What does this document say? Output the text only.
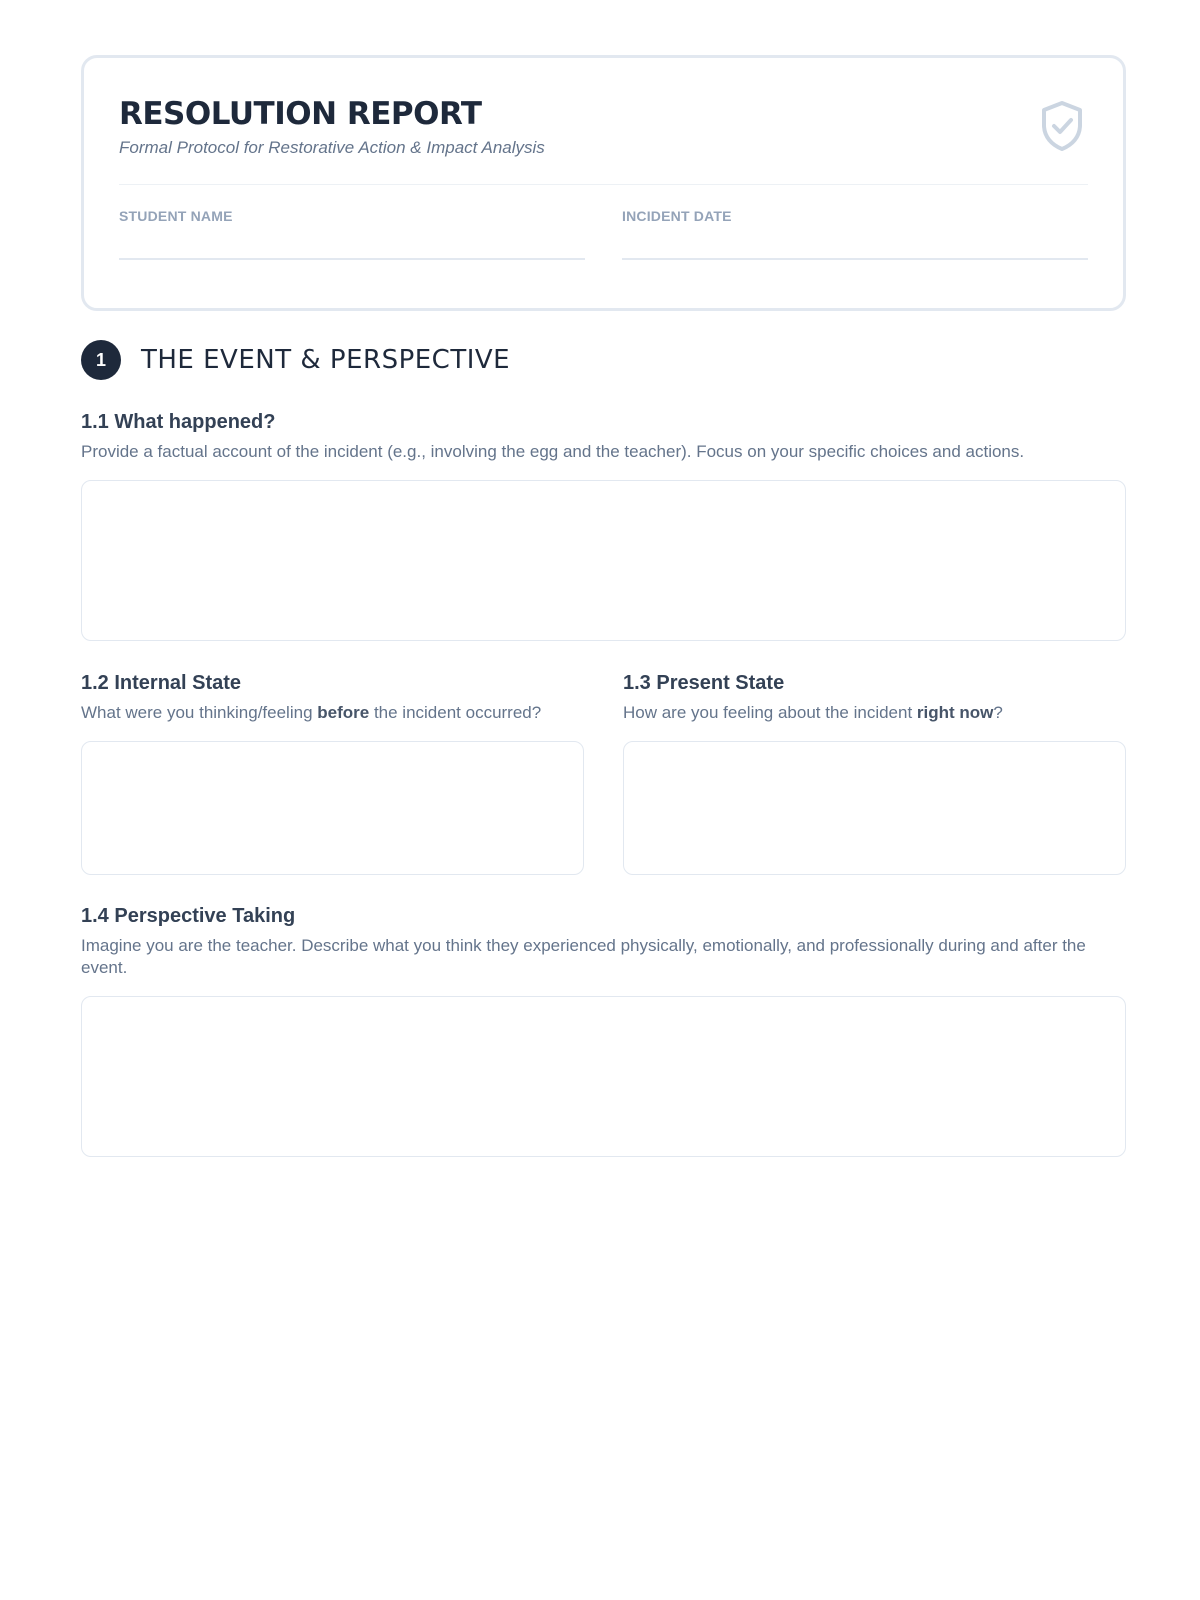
RESOLUTION REPORT
Formal Protocol for Restorative Action & Impact Analysis
STUDENT NAME	INCIDENT DATE
1	THE EVENT & PERSPECTIVE
1.1 What happened?
Provide a factual account of the incident (e.g., involving the egg and the teacher). Focus on your specific choices and actions.
1.2 Internal State
What were you thinking/feeling before the incident occurred?
1.3 Present State
How are you feeling about the incident right now?
1.4 Perspective Taking
Imagine you are the teacher. Describe what you think they experienced physically, emotionally, and professionally during and after the event.
